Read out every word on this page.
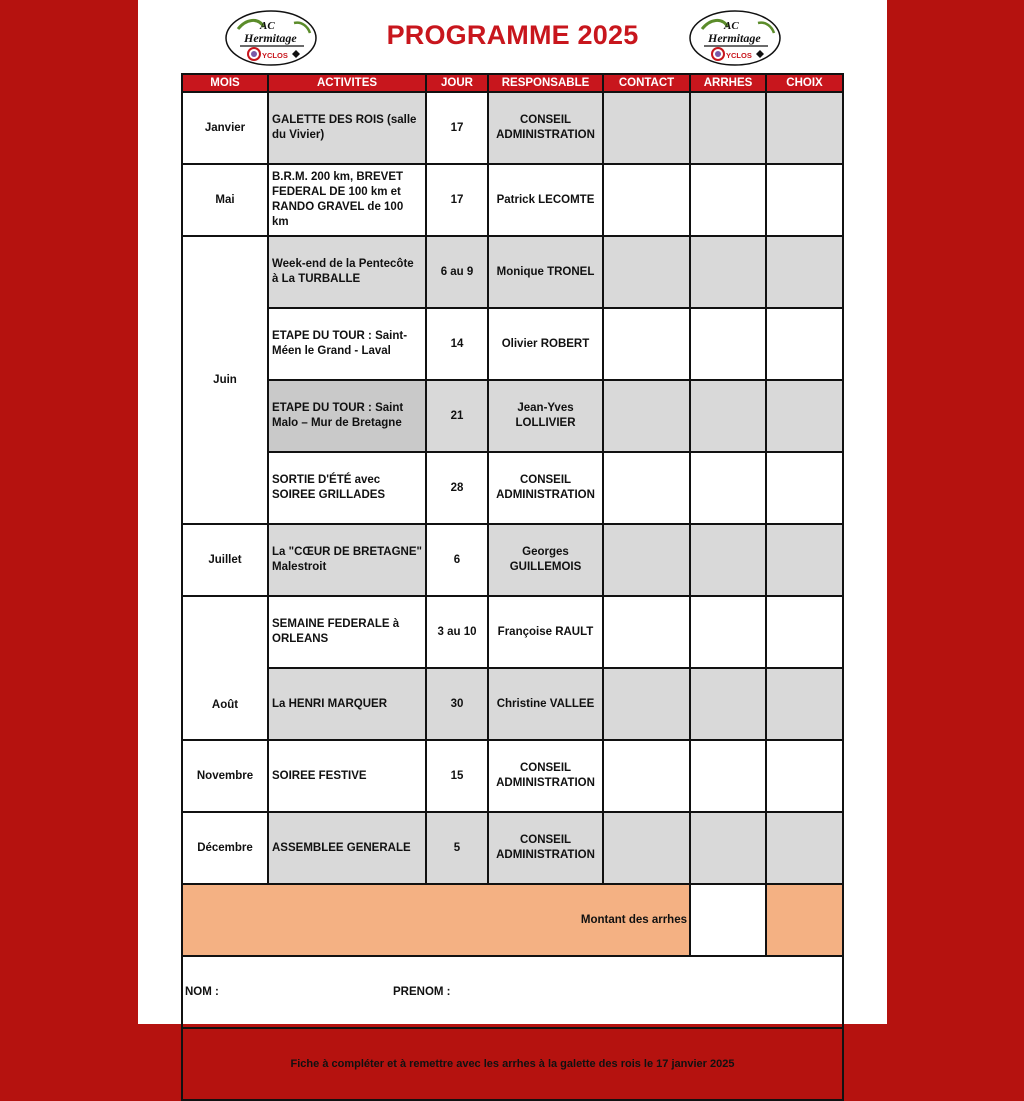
AC
Hermitage
YCLOS
PROGRAMME 2025	AC
Hermitage
YCLOS
MOIS	ACTIVITES	JOUR	RESPONSABLE	CONTACT	ARRHES	CHOIX
Janvier	GALETTE DES ROIS (salle du Vivier)	17	CONSEIL ADMINISTRATION			
Mai	B.R.M. 200 km, BREVET FEDERAL DE 100 km et RANDO GRAVEL de 100 km	17	Patrick LECOMTE			
Juin	Week-end de la Pentecôte à La TURBALLE	6 au 9	Monique TRONEL			
	ETAPE DU TOUR : Saint-Méen le Grand - Laval	14	Olivier ROBERT			
	ETAPE DU TOUR : Saint Malo – Mur de Bretagne	21	Jean-Yves LOLLIVIER			
	SORTIE D'ÉTÉ avec SOIREE GRILLADES	28	CONSEIL ADMINISTRATION			
Juillet	La "CŒUR DE BRETAGNE" Malestroit	6	Georges GUILLEMOIS			
Août	SEMAINE FEDERALE à ORLEANS	3 au 10	Françoise RAULT			
	La HENRI MARQUER	30	Christine VALLEE			
Novembre	SOIREE FESTIVE	15	CONSEIL ADMINISTRATION			
Décembre	ASSEMBLEE GENERALE	5	CONSEIL ADMINISTRATION			
Montant des arrhes						
NOM : PRENOM :						
Fiche à compléter et à remettre avec les arrhes à la galette des rois le 17 janvier 2025						
